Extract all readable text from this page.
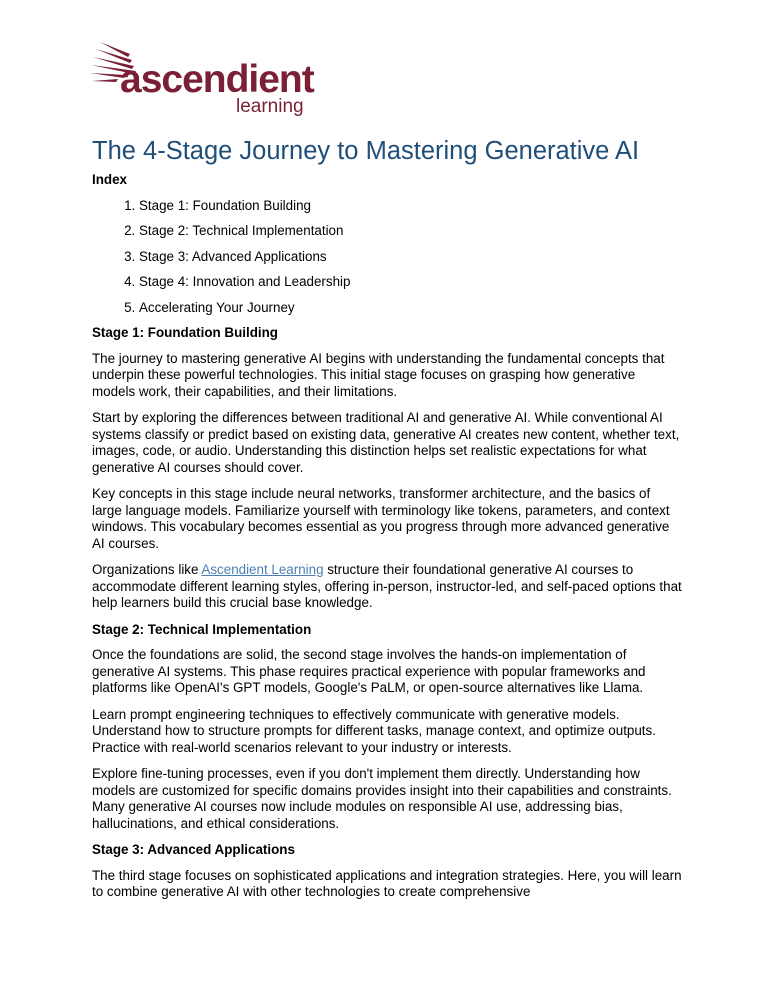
ascendient
learning
The 4-Stage Journey to Mastering Generative AI

Index

1. Stage 1: Foundation Building
2. Stage 2: Technical Implementation
3. Stage 3: Advanced Applications
4. Stage 4: Innovation and Leadership
5. Accelerating Your Journey

Stage 1: Foundation Building

The journey to mastering generative AI begins with understanding the fundamental concepts that underpin these powerful technologies. This initial stage focuses on grasping how generative models work, their capabilities, and their limitations.

Start by exploring the differences between traditional AI and generative AI. While conventional AI systems classify or predict based on existing data, generative AI creates new content, whether text, images, code, or audio. Understanding this distinction helps set realistic expectations for what generative AI courses should cover.

Key concepts in this stage include neural networks, transformer architecture, and the basics of large language models. Familiarize yourself with terminology like tokens, parameters, and context windows. This vocabulary becomes essential as you progress through more advanced generative AI courses.

Organizations like Ascendient Learning structure their foundational generative AI courses to accommodate different learning styles, offering in-person, instructor-led, and self-paced options that help learners build this crucial base knowledge.

Stage 2: Technical Implementation

Once the foundations are solid, the second stage involves the hands-on implementation of generative AI systems. This phase requires practical experience with popular frameworks and platforms like OpenAI's GPT models, Google's PaLM, or open-source alternatives like Llama.

Learn prompt engineering techniques to effectively communicate with generative models. Understand how to structure prompts for different tasks, manage context, and optimize outputs. Practice with real-world scenarios relevant to your industry or interests.

Explore fine-tuning processes, even if you don't implement them directly. Understanding how models are customized for specific domains provides insight into their capabilities and constraints. Many generative AI courses now include modules on responsible AI use, addressing bias, hallucinations, and ethical considerations.

Stage 3: Advanced Applications

The third stage focuses on sophisticated applications and integration strategies. Here, you will learn to combine generative AI with other technologies to create comprehensive
